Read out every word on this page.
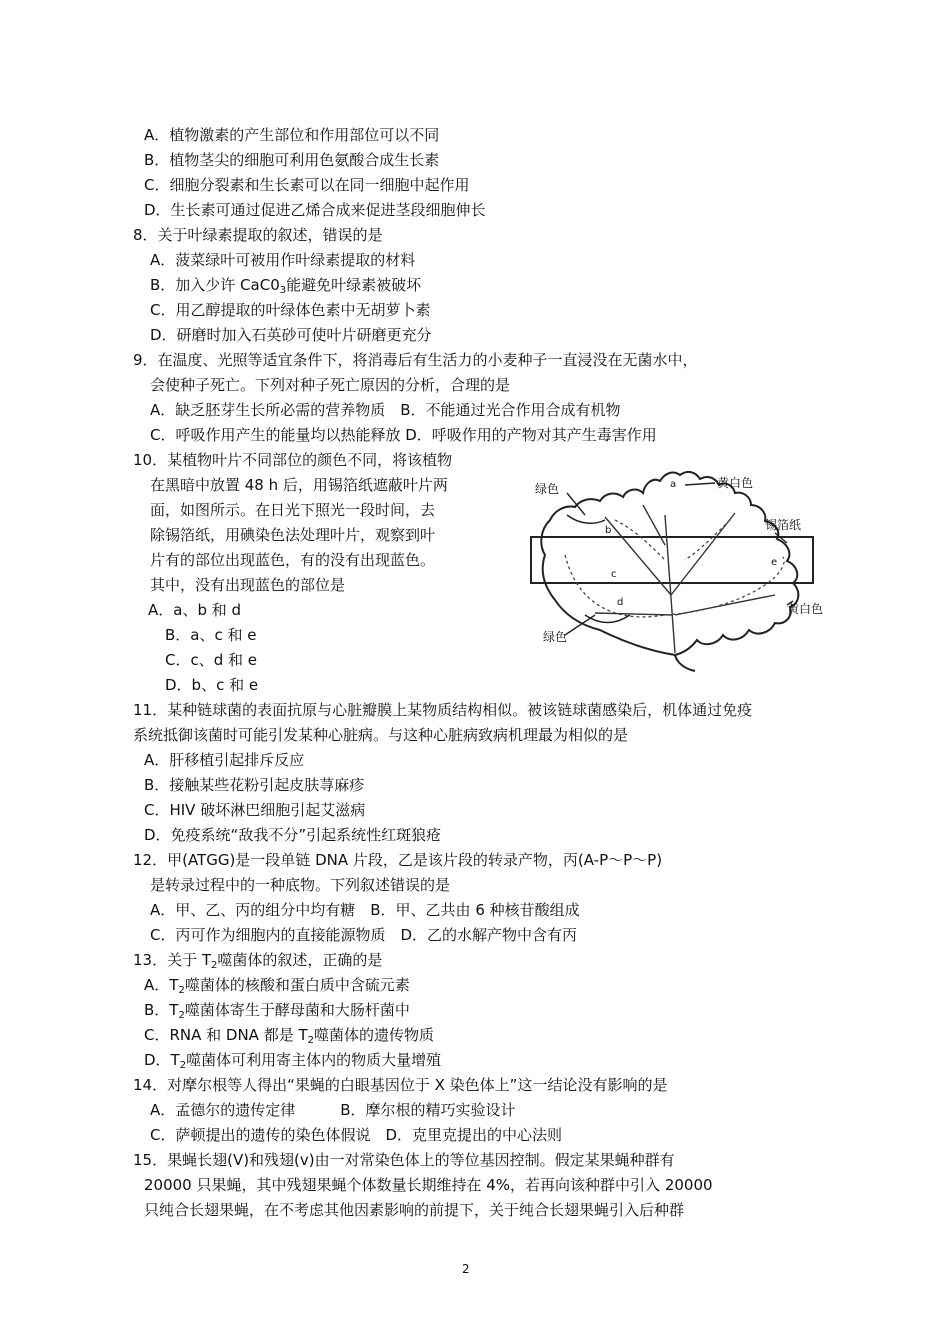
A．植物激素的产生部位和作用部位可以不同
B．植物茎尖的细胞可利用色氨酸合成生长素
C．细胞分裂素和生长素可以在同一细胞中起作用
D．生长素可通过促进乙烯合成来促进茎段细胞伸长
8．关于叶绿素提取的叙述，错误的是
A．菠菜绿叶可被用作叶绿素提取的材料
B．加入少许 $CaC0_3$能避免叶绿素被破坏
C．用乙醇提取的叶绿体色素中无胡萝卜素
D．研磨时加入石英砂可使叶片研磨更充分
9．在温度、光照等适宜条件下，将消毒后有生活力的小麦种子一直浸没在无菌水中，
会使种子死亡。下列对种子死亡原因的分析，合理的是
A．缺乏胚芽生长所必需的营养物质　B．不能通过光合作用合成有机物
C．呼吸作用产生的能量均以热能释放 D．呼吸作用的产物对其产生毒害作用
10．某植物叶片不同部位的颜色不同，将该植物
在黑暗中放置 48 h 后，用锡箔纸遮蔽叶片两
面，如图所示。在日光下照光一段时间，去
除锡箔纸，用碘染色法处理叶片，观察到叶
片有的部位出现蓝色，有的没有出现蓝色。
其中，没有出现蓝色的部位是
A．a、b 和 d
B．a、c 和 e
C．c、d 和 e
D．b、c 和 e
绿色	黄白色
锡箔纸
黄白色
绿色
a
b
c
d
e
11．某种链球菌的表面抗原与心脏瓣膜上某物质结构相似。被该链球菌感染后，机体通过免疫
系统抵御该菌时可能引发某种心脏病。与这种心脏病致病机理最为相似的是
A．肝移植引起排斥反应
B．接触某些花粉引起皮肤荨麻疹
C．HIV 破坏淋巴细胞引起艾滋病
D．免疫系统“敌我不分”引起系统性红斑狼疮
12．甲(ATGG)是一段单链 DNA 片段，乙是该片段的转录产物，丙(A-P～P～P)
是转录过程中的一种底物。下列叙述错误的是
A．甲、乙、丙的组分中均有糖　B．甲、乙共由 6 种核苷酸组成
C．丙可作为细胞内的直接能源物质　D．乙的水解产物中含有丙
13．关于 $T_2$噬菌体的叙述，正确的是
A．$T_2$噬菌体的核酸和蛋白质中含硫元素
B．$T_2$噬菌体寄生于酵母菌和大肠杆菌中
C．RNA 和 DNA 都是 $T_2$噬菌体的遗传物质
D．$T_2$噬菌体可利用寄主体内的物质大量增殖
14．对摩尔根等人得出“果蝇的白眼基因位于 X 染色体上”这一结论没有影响的是
A．孟德尔的遗传定律　　　B．摩尔根的精巧实验设计
C．萨顿提出的遗传的染色体假说　D．克里克提出的中心法则
15．果蝇长翅(V)和残翅(v)由一对常染色体上的等位基因控制。假定某果蝇种群有
20000 只果蝇，其中残翅果蝇个体数量长期维持在 4%，若再向该种群中引入 20000
只纯合长翅果蝇，在不考虑其他因素影响的前提下，关于纯合长翅果蝇引入后种群
2
